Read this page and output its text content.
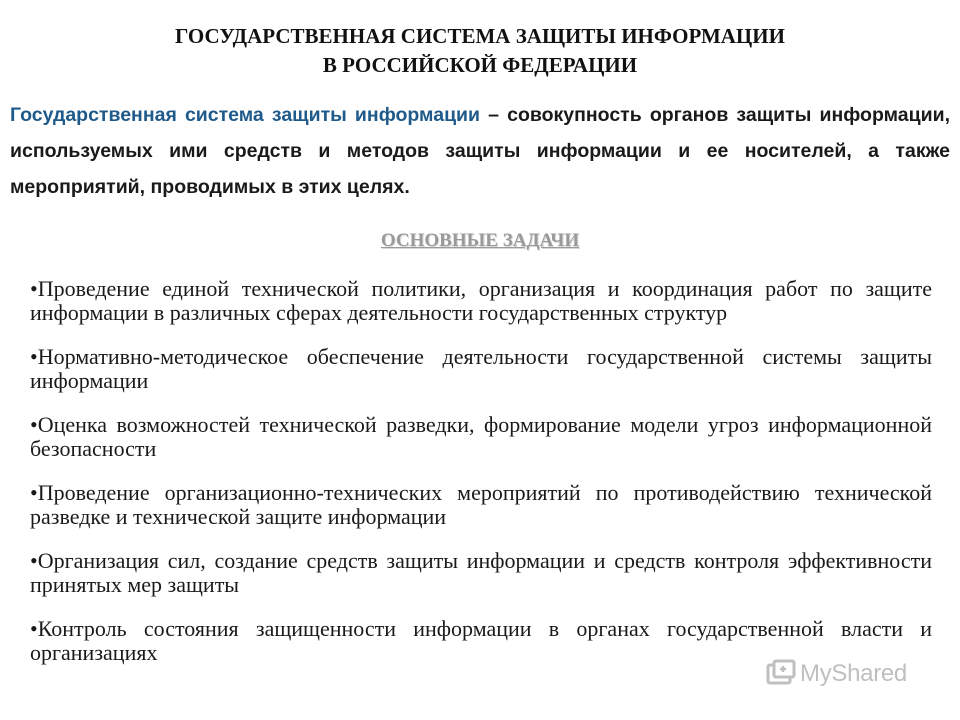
ГОСУДАРСТВЕННАЯ СИСТЕМА ЗАЩИТЫ ИНФОРМАЦИИ
В РОССИЙСКОЙ ФЕДЕРАЦИИ
Государственная система защиты информации – совокупность органов защиты информации, используемых ими средств и методов защиты информации и ее носителей, а также мероприятий, проводимых в этих целях.
ОСНОВНЫЕ ЗАДАЧИ
•Проведение единой технической политики, организация и координация работ по защите информации в различных сферах деятельности государственных структур
•Нормативно-методическое обеспечение деятельности государственной системы защиты информации
•Оценка возможностей технической разведки, формирование модели угроз информационной безопасности
•Проведение организационно-технических мероприятий по противодействию технической разведке и технической защите информации
•Организация сил, создание средств защиты информации и средств контроля эффективности принятых мер защиты
•Контроль состояния защищенности информации в органах государственной власти и организациях
MyShared
